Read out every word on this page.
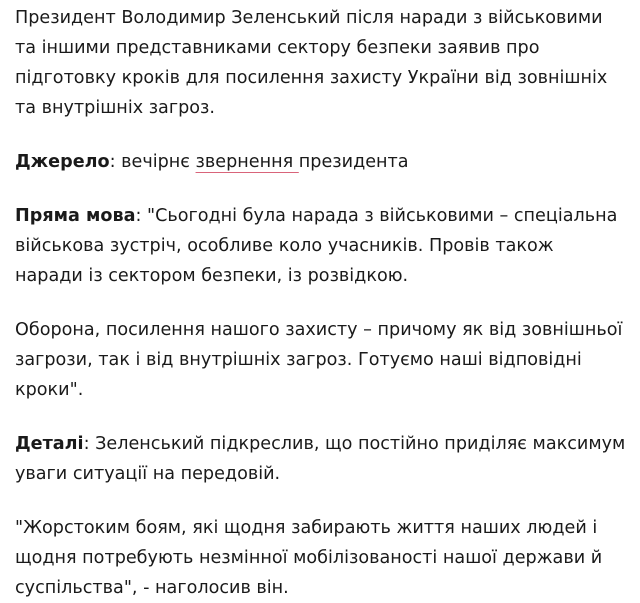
Президент Володимир Зеленський після наради з військовими та іншими представниками сектору безпеки заявив про підготовку кроків для посилення захисту України від зовнішніх та внутрішніх загроз.

Джерело: вечірнє звернення президента

Пряма мова: "Сьогодні була нарада з військовими – спеціальна військова зустріч, особливе коло учасників. Провів також наради із сектором безпеки, із розвідкою.

Оборона, посилення нашого захисту – причому як від зовнішньої загрози, так і від внутрішніх загроз. Готуємо наші відповідні кроки".

Деталі: Зеленський підкреслив, що постійно приділяє максимум уваги ситуації на передовій.

"Жорстоким боям, які щодня забирають життя наших людей і щодня потребують незмінної мобілізованості нашої держави й суспільства", - наголосив він.
